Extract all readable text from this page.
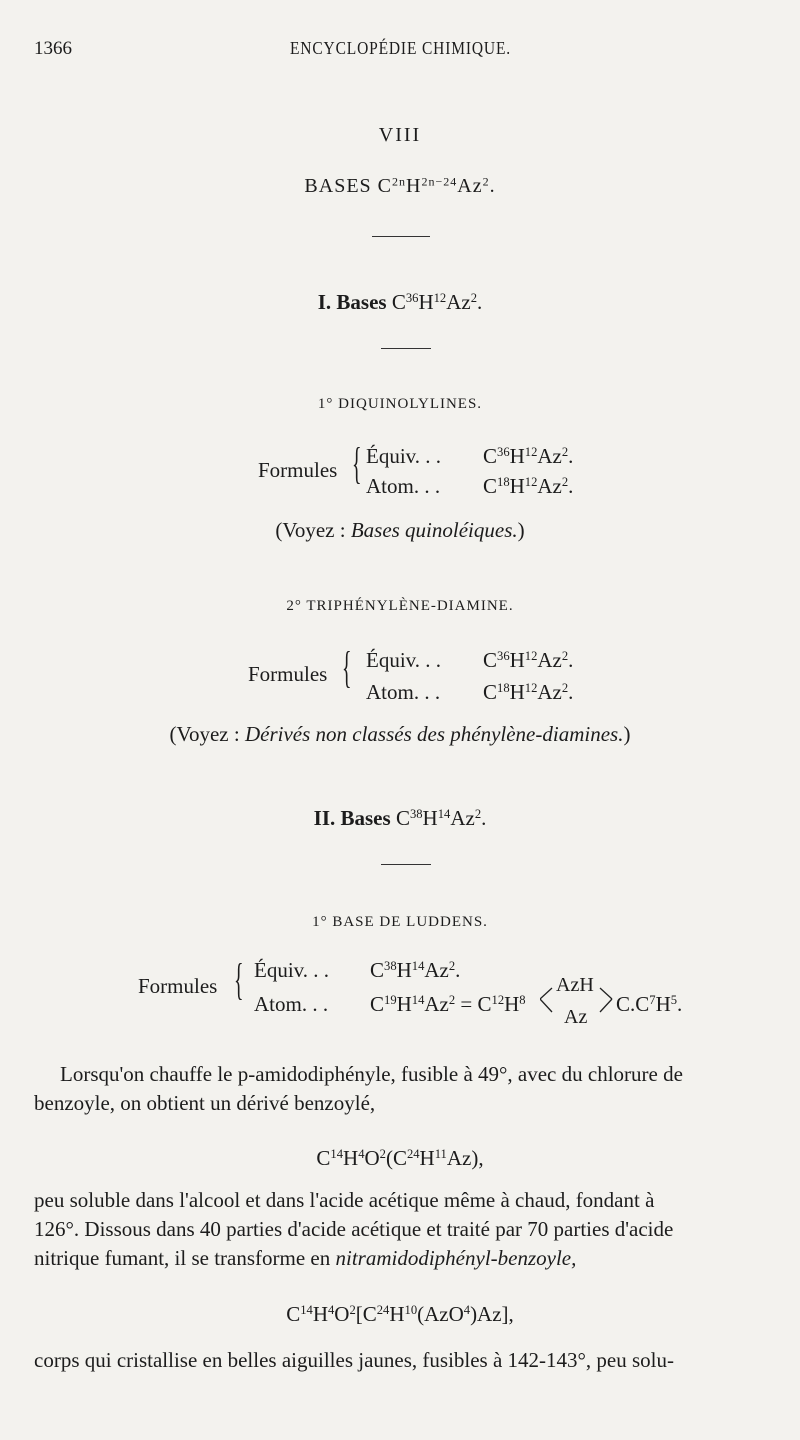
1366	ENCYCLOPÉDIE CHIMIQUE.
VIII
BASES $C^{2n}H^{2n-24}Az^2$.
I. Bases $C^{36}H^{12}Az^2$.
1° DIQUINOLYLINES.
Formules { Équiv. . . $C^{36}H^{12}Az^2$.
Atom. . . $C^{18}H^{12}Az^2$.
(Voyez : Bases quinoléiques.)
2° TRIPHÉNYLÈNE-DIAMINE.
Formules { Équiv. . . $C^{36}H^{12}Az^2$.
Atom. . . $C^{18}H^{12}Az^2$.
(Voyez : Dérivés non classés des phénylène-diamines.)
II. Bases $C^{38}H^{14}Az^2$.
1° BASE DE LUDDENS.
Formules { Équiv. . . $C^{38}H^{14}Az^2$.
Atom. . . $C^{19}H^{14}Az^2 = C^{12}H^8$
AzH
Az
$C.C^7H^5$.
Lorsqu'on chauffe le p-amidodiphényle, fusible à 49°, avec du chlorure de
benzoyle, on obtient un dérivé benzoylé,
$C^{14}H^4O^2(C^{24}H^{11}Az)$,
peu soluble dans l'alcool et dans l'acide acétique même à chaud, fondant à
126°. Dissous dans 40 parties d'acide acétique et traité par 70 parties d'acide
nitrique fumant, il se transforme en nitramidodiphényl-benzoyle,
$C^{14}H^4O^2[C^{24}H^{10}(AzO^4)Az]$,
corps qui cristallise en belles aiguilles jaunes, fusibles à 142-143°, peu solu-
